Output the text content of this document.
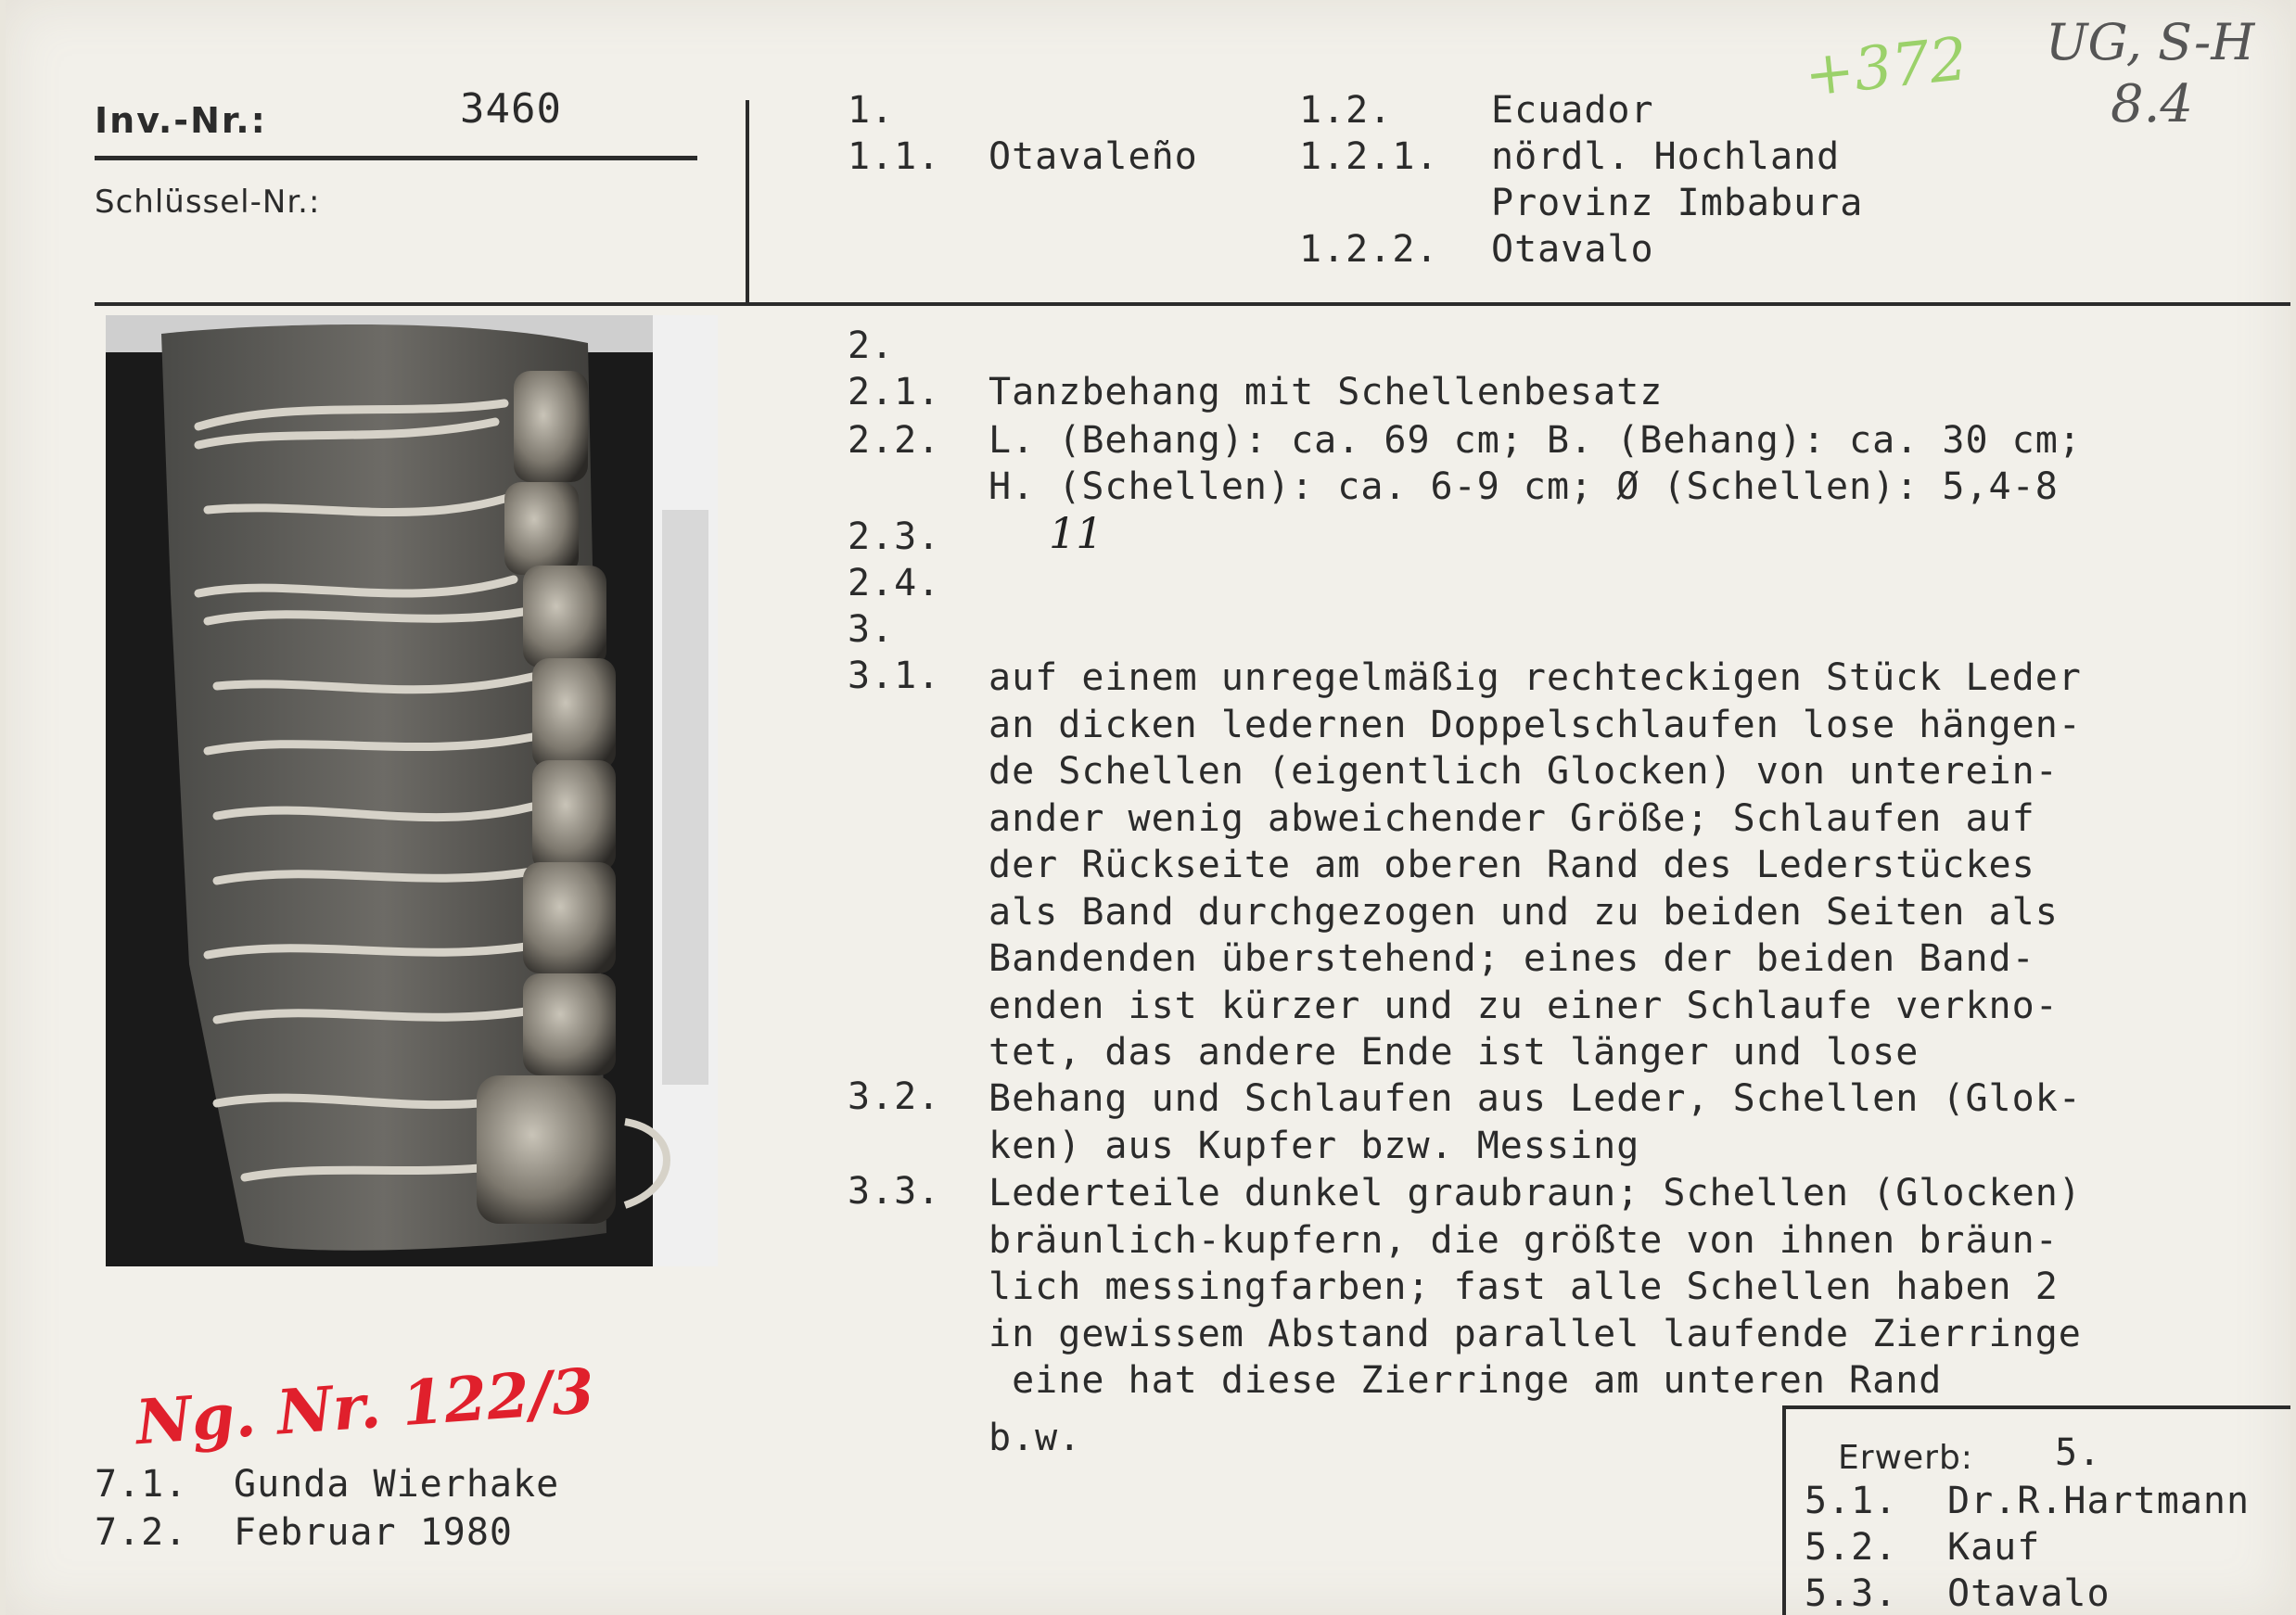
Inv.-Nr.:	3460
Schlüssel-Nr.:
1.
1.1. Otavaleño
1.2.	Ecuador
1.2.1. nördl. Hochland
Provinz Imbabura
1.2.2. Otavalo
+372 UG, S-H
8.4
2.
2.1. Tanzbehang mit Schellenbesatz
2.2. L. (Behang): ca. 69 cm; B. (Behang): ca. 30 cm;
H. (Schellen): ca. 6-9 cm; Ø (Schellen): 5,4-8
2.3.	11
2.4.
3.
3.1. auf einem unregelmäßig rechteckigen Stück Leder
an dicken ledernen Doppelschlaufen lose hängen-
de Schellen (eigentlich Glocken) von unterein-
ander wenig abweichender Größe; Schlaufen auf
der Rückseite am oberen Rand des Lederstückes
als Band durchgezogen und zu beiden Seiten als
Bandenden überstehend; eines der beiden Band-
enden ist kürzer und zu einer Schlaufe verkno-
tet, das andere Ende ist länger und lose
3.2. Behang und Schlaufen aus Leder, Schellen (Glok-
ken) aus Kupfer bzw. Messing
3.3. Lederteile dunkel graubraun; Schellen (Glocken)
bräunlich-kupfern, die größte von ihnen bräun-
lich messingfarben; fast alle Schellen haben 2
in gewissem Abstand parallel laufende Zierringe
eine hat diese Zierringe am unteren Rand
b.w.
Ng. Nr. 122/3
7.1. Gunda Wierhake
7.2. Februar 1980
Erwerb: 5.
5.1. Dr.R.Hartmann
5.2. Kauf
5.3. Otavalo
